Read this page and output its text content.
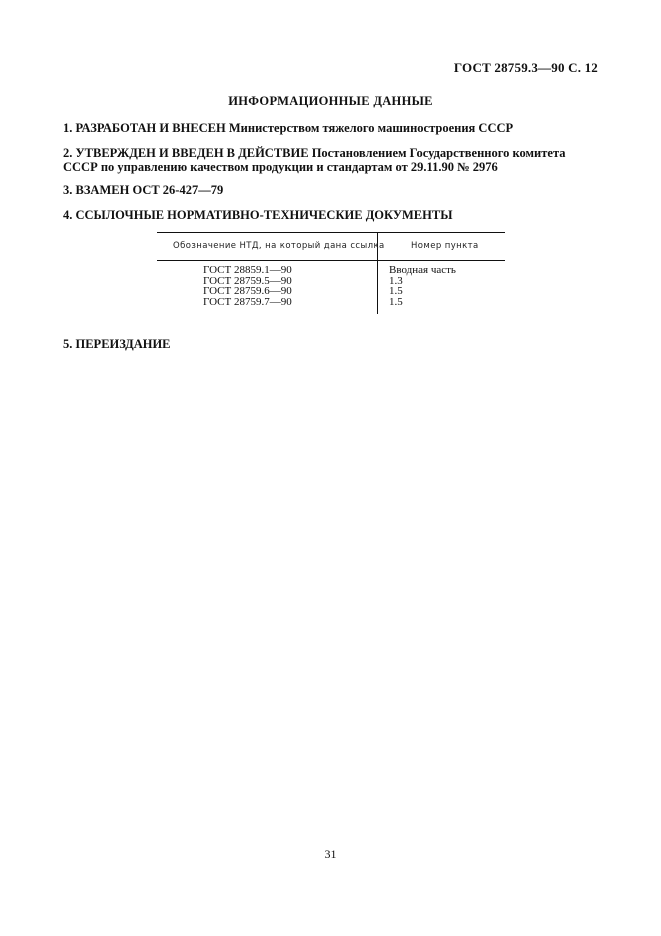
ГОСТ 28759.3—90 С. 12
ИНФОРМАЦИОННЫЕ ДАННЫЕ
1. РАЗРАБОТАН И ВНЕСЕН Министерством тяжелого машиностроения СССР
2. УТВЕРЖДЕН И ВВЕДЕН В ДЕЙСТВИЕ Постановлением Государственного комитета СССР по управлению качеством продукции и стандартам от 29.11.90 № 2976
3. ВЗАМЕН ОСТ 26-427—79
4. ССЫЛОЧНЫЕ НОРМАТИВНО-ТЕХНИЧЕСКИЕ ДОКУМЕНТЫ
Обозначение НТД, на который дана ссылка	Номер пункта
ГОСТ 28859.1—90
ГОСТ 28759.5—90
ГОСТ 28759.6—90
ГОСТ 28759.7—90
Вводная часть
1.3
1.5
1.5
5. ПЕРЕИЗДАНИЕ
31
